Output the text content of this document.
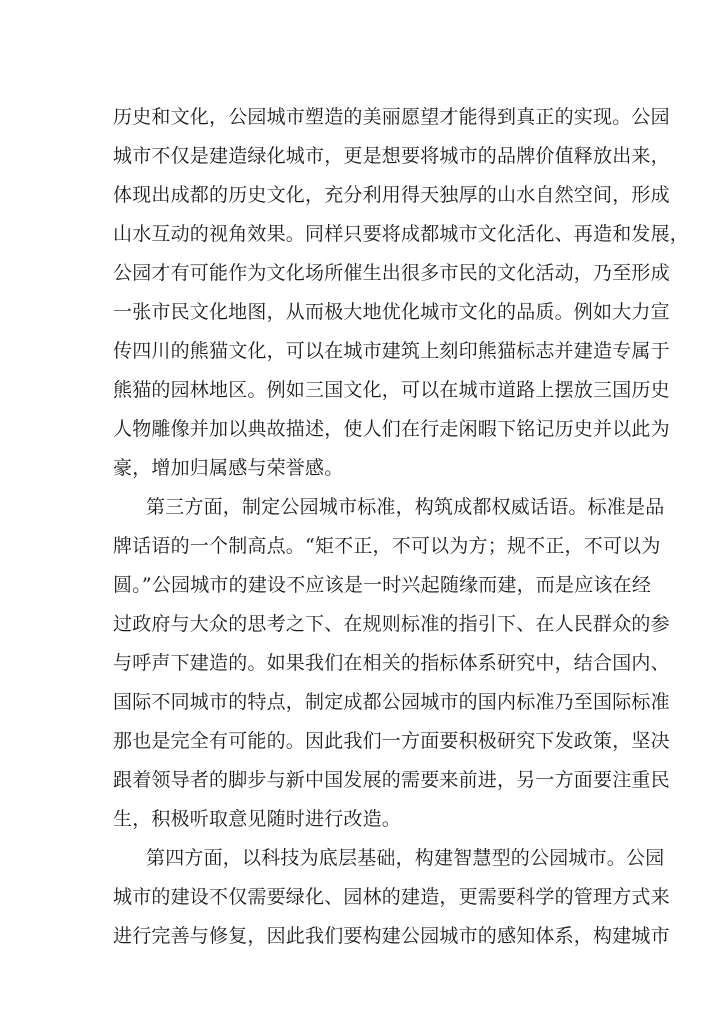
历史和文化，公园城市塑造的美丽愿望才能得到真正的实现。公园
城市不仅是建造绿化城市，更是想要将城市的品牌价值释放出来，
体现出成都的历史文化，充分利用得天独厚的山水自然空间，形成
山水互动的视角效果。同样只要将成都城市文化活化、再造和发展，
公园才有可能作为文化场所催生出很多市民的文化活动，乃至形成
一张市民文化地图，从而极大地优化城市文化的品质。例如大力宣
传四川的熊猫文化，可以在城市建筑上刻印熊猫标志并建造专属于
熊猫的园林地区。例如三国文化，可以在城市道路上摆放三国历史
人物雕像并加以典故描述，使人们在行走闲暇下铭记历史并以此为
豪，增加归属感与荣誉感。
第三方面，制定公园城市标准，构筑成都权威话语。标准是品
牌话语的一个制高点。“矩不正，不可以为方；规不正，不可以为
圆。”公园城市的建设不应该是一时兴起随缘而建，而是应该在经
过政府与大众的思考之下、在规则标准的指引下、在人民群众的参
与呼声下建造的。如果我们在相关的指标体系研究中，结合国内、
国际不同城市的特点，制定成都公园城市的国内标准乃至国际标准
那也是完全有可能的。因此我们一方面要积极研究下发政策，坚决
跟着领导者的脚步与新中国发展的需要来前进，另一方面要注重民
生，积极听取意见随时进行改造。
第四方面，以科技为底层基础，构建智慧型的公园城市。公园
城市的建设不仅需要绿化、园林的建造，更需要科学的管理方式来
进行完善与修复，因此我们要构建公园城市的感知体系，构建城市
